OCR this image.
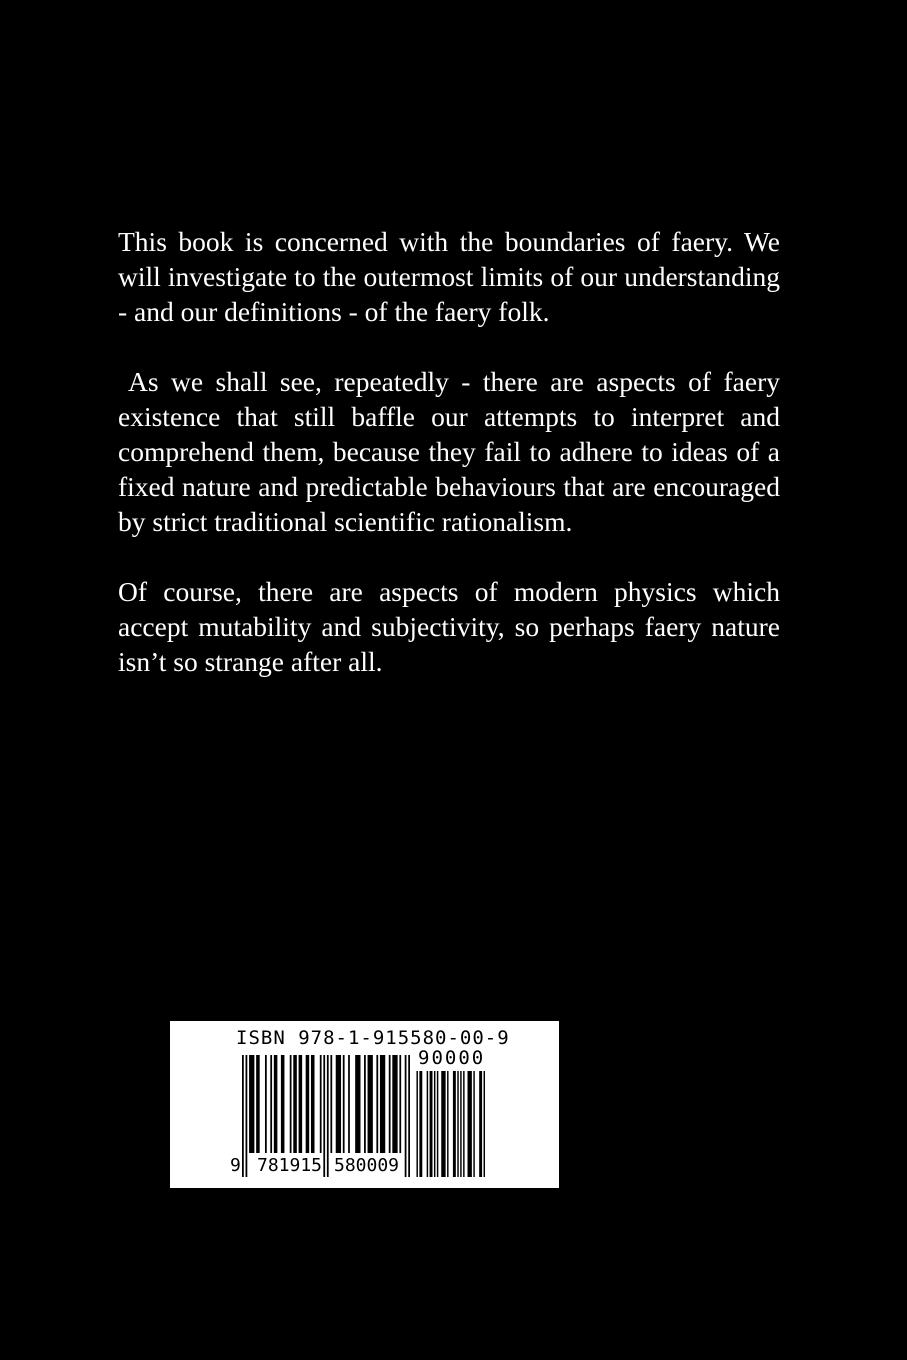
This book is concerned with the boundaries of faery. We will investigate to the outermost limits of our understanding - and our definitions - of the faery folk.

As we shall see, repeatedly - there are aspects of faery existence that still baffle our attempts to interpret and comprehend them, because they fail to adhere to ideas of a fixed nature and predictable behaviours that are encouraged by strict traditional scientific rationalism.

Of course, there are aspects of modern physics which accept mutability and subjectivity, so perhaps faery nature isn’t so strange after all.

ISBN 978-1-915580-00-9
90000
9 781915 580009
